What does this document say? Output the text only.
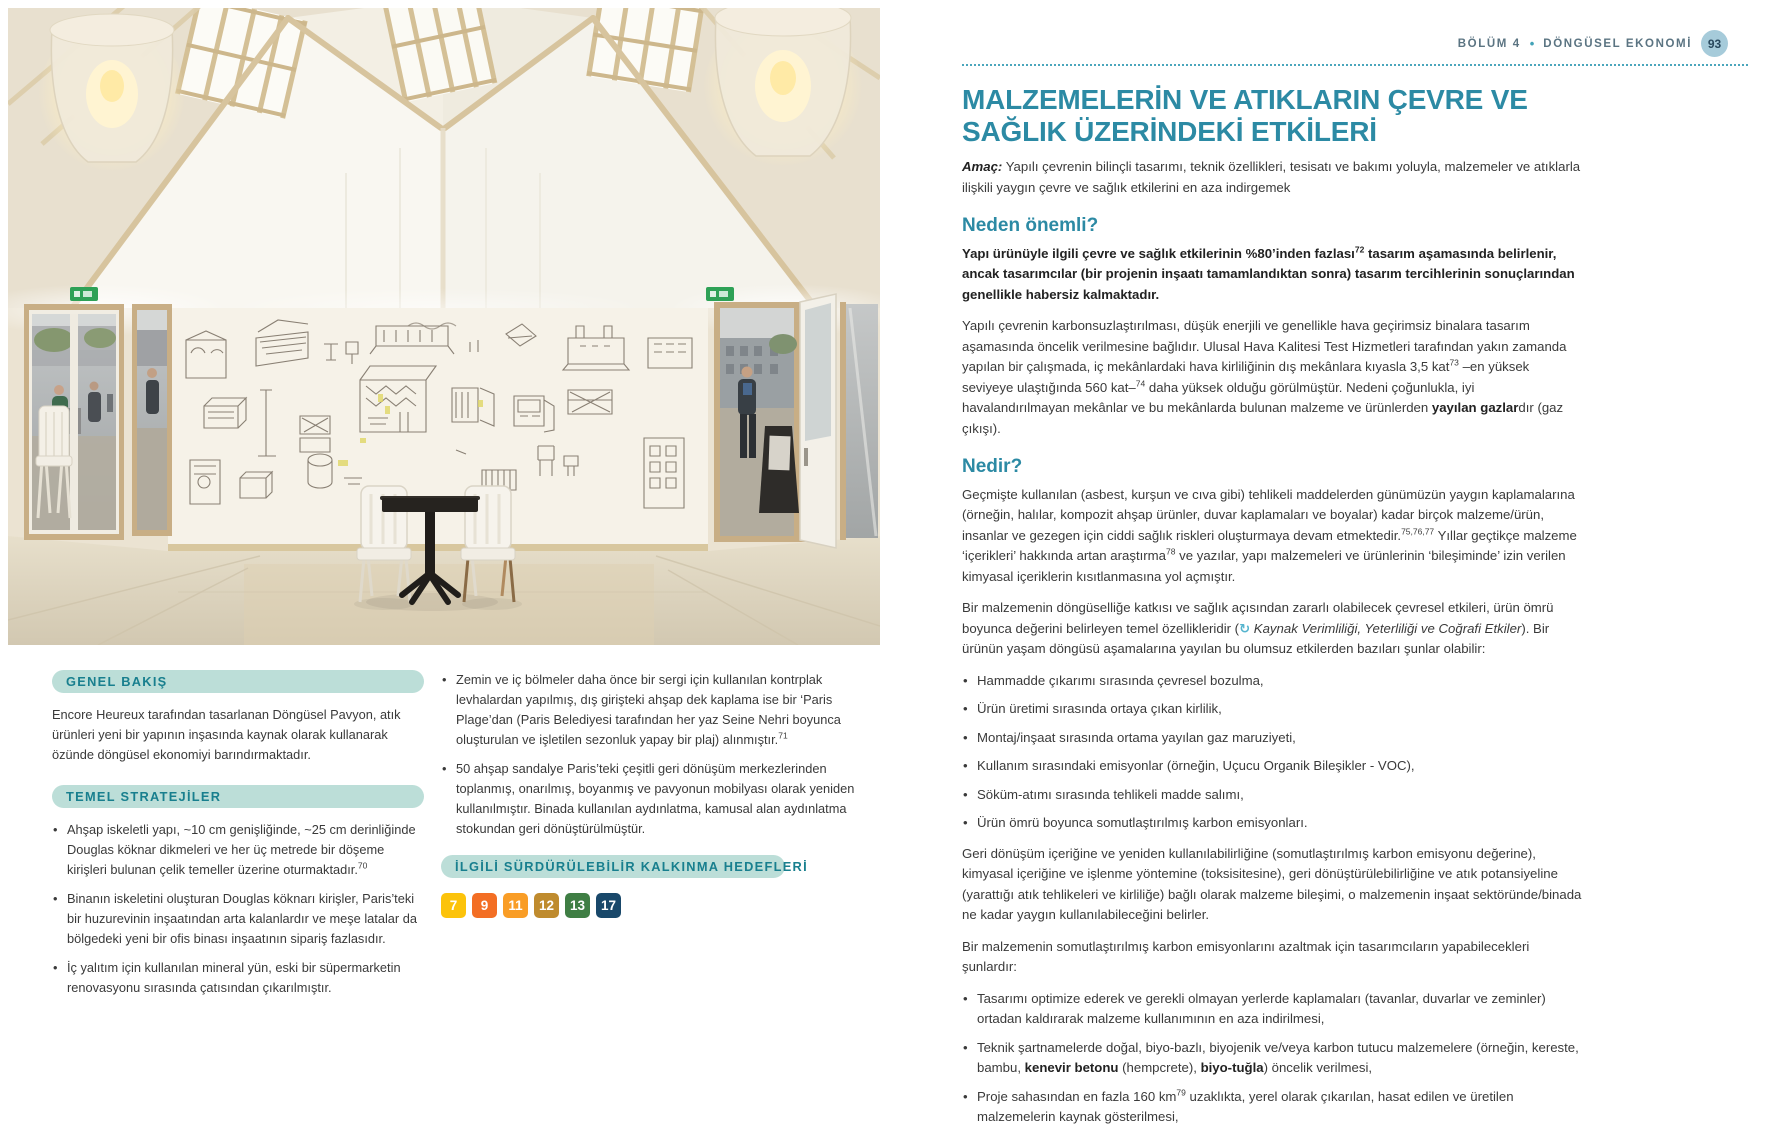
GENEL BAKIŞ

Encore Heureux tarafından tasarlanan Döngüsel Pavyon, atık ürünleri yeni bir yapının inşasında kaynak olarak kullanarak özünde döngüsel ekonomiyi barındırmaktadır.

TEMEL STRATEJİLER
• Ahşap iskeletli yapı, ~10 cm genişliğinde, ~25 cm derinliğinde Douglas köknar dikmeleri ve her üç metrede bir döşeme kirişleri bulunan çelik temeller üzerine oturmaktadır.$^{70}$
• Binanın iskeletini oluşturan Douglas köknarı kirişler, Paris’teki bir huzurevinin inşaatından arta kalanlardır ve meşe latalar da bölgedeki yeni bir ofis binası inşaatının sipariş fazlasıdır.
• İç yalıtım için kullanılan mineral yün, eski bir süpermarketin renovasyonu sırasında çatısından çıkarılmıştır.
• Zemin ve iç bölmeler daha önce bir sergi için kullanılan kontrplak levhalardan yapılmış, dış girişteki ahşap dek kaplama ise bir ‘Paris Plage’dan (Paris Belediyesi tarafından her yaz Seine Nehri boyunca oluşturulan ve işletilen sezonluk yapay bir plaj) alınmıştır.$^{71}$
• 50 ahşap sandalye Paris’teki çeşitli geri dönüşüm merkezlerinden toplanmış, onarılmış, boyanmış ve pavyonun mobilyası olarak yeniden kullanılmıştır. Binada kullanılan aydınlatma, kamusal alan aydınlatma stokundan geri dönüştürülmüştür.
İLGİLİ SÜRDÜRÜLEBİLİR KALKINMA HEDEFLERİ
7	9	11	12	13	17
BÖLÜM 4 • DÖNGÜSEL EKONOMİ	93
MALZEMELERİN VE ATIKLARIN ÇEVRE VE SAĞLIK ÜZERİNDEKİ ETKİLERİ

Amaç: Yapılı çevrenin bilinçli tasarımı, teknik özellikleri, tesisatı ve bakımı yoluyla, malzemeler ve atıklarla ilişkili yaygın çevre ve sağlık etkilerini en aza indirgemek

Neden önemli?

Yapı ürünüyle ilgili çevre ve sağlık etkilerinin %80’inden fazlası$^{72}$ tasarım aşamasında belirlenir, ancak tasarımcılar (bir projenin inşaatı tamamlandıktan sonra) tasarım tercihlerinin sonuçlarından genellikle habersiz kalmaktadır.

Yapılı çevrenin karbonsuzlaştırılması, düşük enerjili ve genellikle hava geçirimsiz binalara tasarım aşamasında öncelik verilmesine bağlıdır. Ulusal Hava Kalitesi Test Hizmetleri tarafından yakın zamanda yapılan bir çalışmada, iç mekânlardaki hava kirliliğinin dış mekânlara kıyasla 3,5 kat$^{73}$ –en yüksek seviyeye ulaştığında 560 kat–$^{74}$ daha yüksek olduğu görülmüştür. Nedeni çoğunlukla, iyi havalandırılmayan mekânlar ve bu mekânlarda bulunan malzeme ve ürünlerden yayılan gazlardır (gaz çıkışı).

Nedir?

Geçmişte kullanılan (asbest, kurşun ve cıva gibi) tehlikeli maddelerden günümüzün yaygın kaplamalarına (örneğin, halılar, kompozit ahşap ürünler, duvar kaplamaları ve boyalar) kadar birçok malzeme/ürün, insanlar ve gezegen için ciddi sağlık riskleri oluşturmaya devam etmektedir.$^{75,76,77}$ Yıllar geçtikçe malzeme ‘içerikleri’ hakkında artan araştırma$^{78}$ ve yazılar, yapı malzemeleri ve ürünlerinin ‘bileşiminde’ izin verilen kimyasal içeriklerin kısıtlanmasına yol açmıştır.

Bir malzemenin döngüselliğe katkısı ve sağlık açısından zararlı olabilecek çevresel etkileri, ürün ömrü boyunca değerini belirleyen temel özellikleridir (↻ Kaynak Verimliliği, Yeterliliği ve Coğrafi Etkiler). Bir ürünün yaşam döngüsü aşamalarına yayılan bu olumsuz etkilerden bazıları şunlar olabilir:

• Hammadde çıkarımı sırasında çevresel bozulma,
• Ürün üretimi sırasında ortaya çıkan kirlilik,
• Montaj/inşaat sırasında ortama yayılan gaz maruziyeti,
• Kullanım sırasındaki emisyonlar (örneğin, Uçucu Organik Bileşikler - VOC),
• Söküm-atımı sırasında tehlikeli madde salımı,
• Ürün ömrü boyunca somutlaştırılmış karbon emisyonları.

Geri dönüşüm içeriğine ve yeniden kullanılabilirliğine (somutlaştırılmış karbon emisyonu değerine), kimyasal içeriğine ve işlenme yöntemine (toksisitesine), geri dönüştürülebilirliğine ve atık potansiyeline (yarattığı atık tehlikeleri ve kirliliğe) bağlı olarak malzeme bileşimi, o malzemenin inşaat sektöründe/binada ne kadar yaygın kullanılabileceğini belirler.

Bir malzemenin somutlaştırılmış karbon emisyonlarını azaltmak için tasarımcıların yapabilecekleri şunlardır:

• Tasarımı optimize ederek ve gerekli olmayan yerlerde kaplamaları (tavanlar, duvarlar ve zeminler) ortadan kaldırarak malzeme kullanımının en aza indirilmesi,
• Teknik şartnamelerde doğal, biyo-bazlı, biyojenik ve/veya karbon tutucu malzemelere (örneğin, kereste, bambu, kenevir betonu (hempcrete), biyo-tuğla) öncelik verilmesi,
• Proje sahasından en fazla 160 $km^{79}$ uzaklıkta, yerel olarak çıkarılan, hasat edilen ve üretilen malzemelerin kaynak gösterilmesi,
